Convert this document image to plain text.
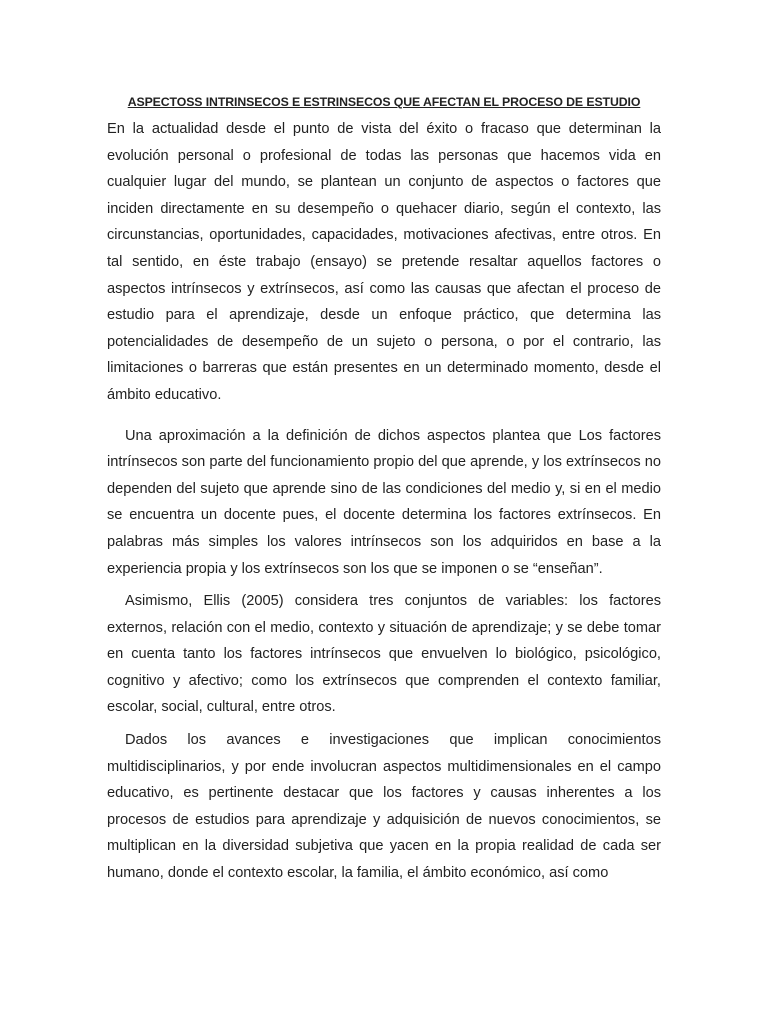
ASPECTOSS INTRINSECOS E ESTRINSECOS QUE AFECTAN EL PROCESO DE ESTUDIO

En la actualidad desde el punto de vista del éxito o fracaso que determinan la evolución personal o profesional de todas las personas que hacemos vida en cualquier lugar del mundo, se plantean un conjunto de aspectos o factores que inciden directamente en su desempeño o quehacer diario, según el contexto, las circunstancias, oportunidades, capacidades, motivaciones afectivas, entre otros. En tal sentido, en éste trabajo (ensayo) se pretende resaltar aquellos factores o aspectos intrínsecos y extrínsecos, así como las causas que afectan el proceso de estudio para el aprendizaje, desde un enfoque práctico, que determina las potencialidades de desempeño de un sujeto o persona, o por el contrario, las limitaciones o barreras que están presentes en un determinado momento, desde el ámbito educativo.

Una aproximación a la definición de dichos aspectos plantea que Los factores intrínsecos son parte del funcionamiento propio del que aprende, y los extrínsecos no dependen del sujeto que aprende sino de las condiciones del medio y, si en el medio se encuentra un docente pues, el docente determina los factores extrínsecos. En palabras más simples los valores intrínsecos son los adquiridos en base a la experiencia propia y los extrínsecos son los que se imponen o se “enseñan”.

Asimismo, Ellis (2005) considera tres conjuntos de variables: los factores externos, relación con el medio, contexto y situación de aprendizaje; y se debe tomar en cuenta tanto los factores intrínsecos que envuelven lo biológico, psicológico, cognitivo y afectivo; como los extrínsecos que comprenden el contexto familiar, escolar, social, cultural, entre otros.

Dados los avances e investigaciones que implican conocimientos multidisciplinarios, y por ende involucran aspectos multidimensionales en el campo educativo, es pertinente destacar que los factores y causas inherentes a los procesos de estudios para aprendizaje y adquisición de nuevos conocimientos, se multiplican en la diversidad subjetiva que yacen en la propia realidad de cada ser humano, donde el contexto escolar, la familia, el ámbito económico, así como
